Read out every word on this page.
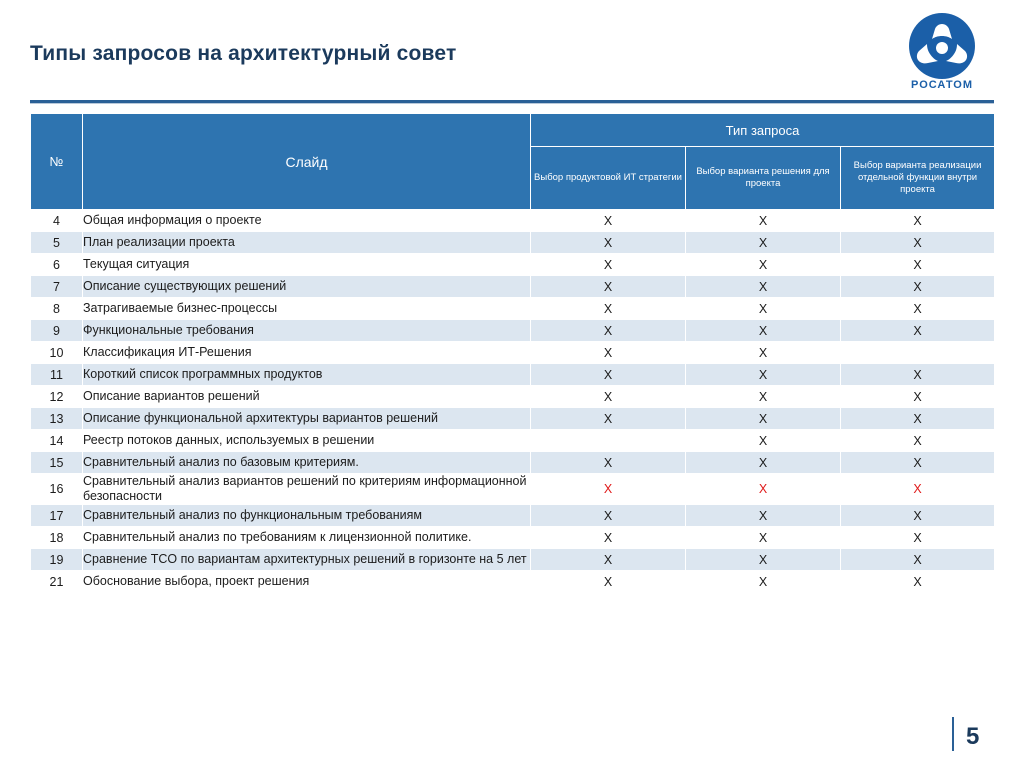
Типы запросов на архитектурный совет
РОСАТОМ
№	Слайд	Тип запроса		
		Выбор продуктовой ИТ стратегии	Выбор варианта решения для проекта	Выбор варианта реализации отдельной функции внутри проекта
4	Общая информация о проекте	X	X	X
5	План реализации проекта	X	X	X
6	Текущая ситуация	X	X	X
7	Описание существующих решений	X	X	X
8	Затрагиваемые бизнес-процессы	X	X	X
9	Функциональные требования	X	X	X
10	Классификация ИТ-Решения	X	X	
11	Короткий список программных продуктов	X	X	X
12	Описание вариантов решений	X	X	X
13	Описание функциональной архитектуры вариантов решений	X	X	X
14	Реестр потоков данных, используемых в решении		X	X
15	Сравнительный анализ по базовым критериям.	X	X	X
16	Сравнительный анализ вариантов решений по критериям информационной безопасности	X	X	X
17	Сравнительный анализ по функциональным требованиям	X	X	X
18	Сравнительный анализ по требованиям к лицензионной политике.	X	X	X
19	Сравнение TCO по вариантам архитектурных решений в горизонте на 5 лет	X	X	X
21	Обоснование выбора, проект решения	X	X	X
5
